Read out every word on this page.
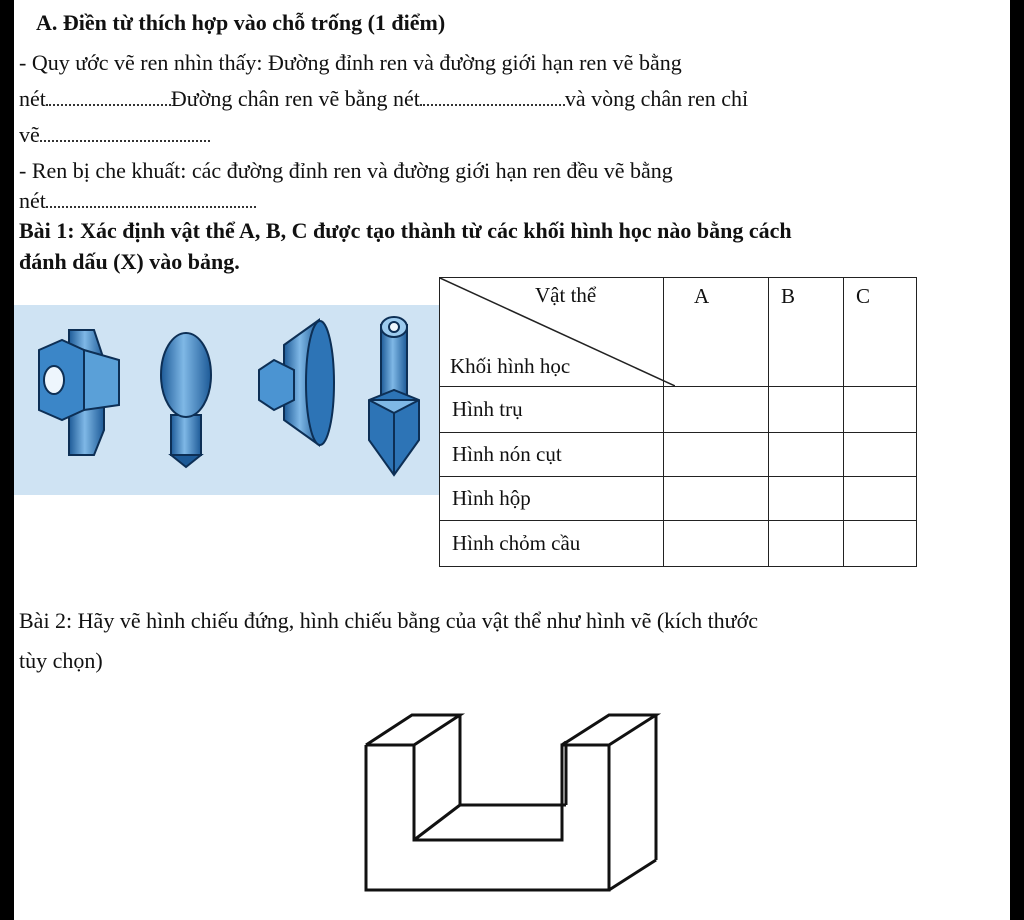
A. Điền từ thích hợp vào chỗ trống (1 điểm)
- Quy ước vẽ ren nhìn thấy: Đường đỉnh ren và đường giới hạn ren vẽ bằng
nét	Đường chân ren vẽ bằng nét	và vòng chân ren chỉ
vẽ
- Ren bị che khuất: các đường đỉnh ren và đường giới hạn ren đều vẽ bằng
nét
Bài 1: Xác định vật thể A, B, C được tạo thành từ các khối hình học nào bằng cách
đánh dấu (X) vào bảng.
Vật thể
Khối hình học	A	B	C
Hình trụ			
Hình nón cụt			
Hình hộp			
Hình chỏm cầu			
Bài 2: Hãy vẽ hình chiếu đứng, hình chiếu bằng của vật thể như hình vẽ (kích thước
tùy chọn)
